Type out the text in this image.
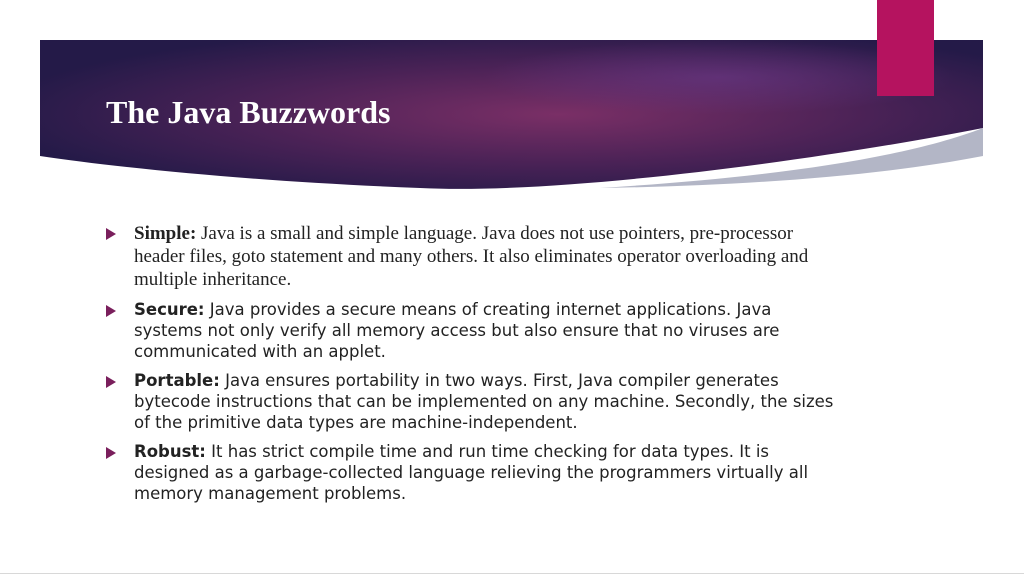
The Java Buzzwords
Simple: Java is a small and simple language. Java does not use pointers, pre-processor header files, goto statement and many others. It also eliminates operator overloading and multiple inheritance.
Secure: Java provides a secure means of creating internet applications. Java systems not only verify all memory access but also ensure that no viruses are communicated with an applet.
Portable: Java ensures portability in two ways. First, Java compiler generates bytecode instructions that can be implemented on any machine. Secondly, the sizes of the primitive data types are machine-independent.
Robust: It has strict compile time and run time checking for data types. It is designed as a garbage-collected language relieving the programmers virtually all memory management problems.
